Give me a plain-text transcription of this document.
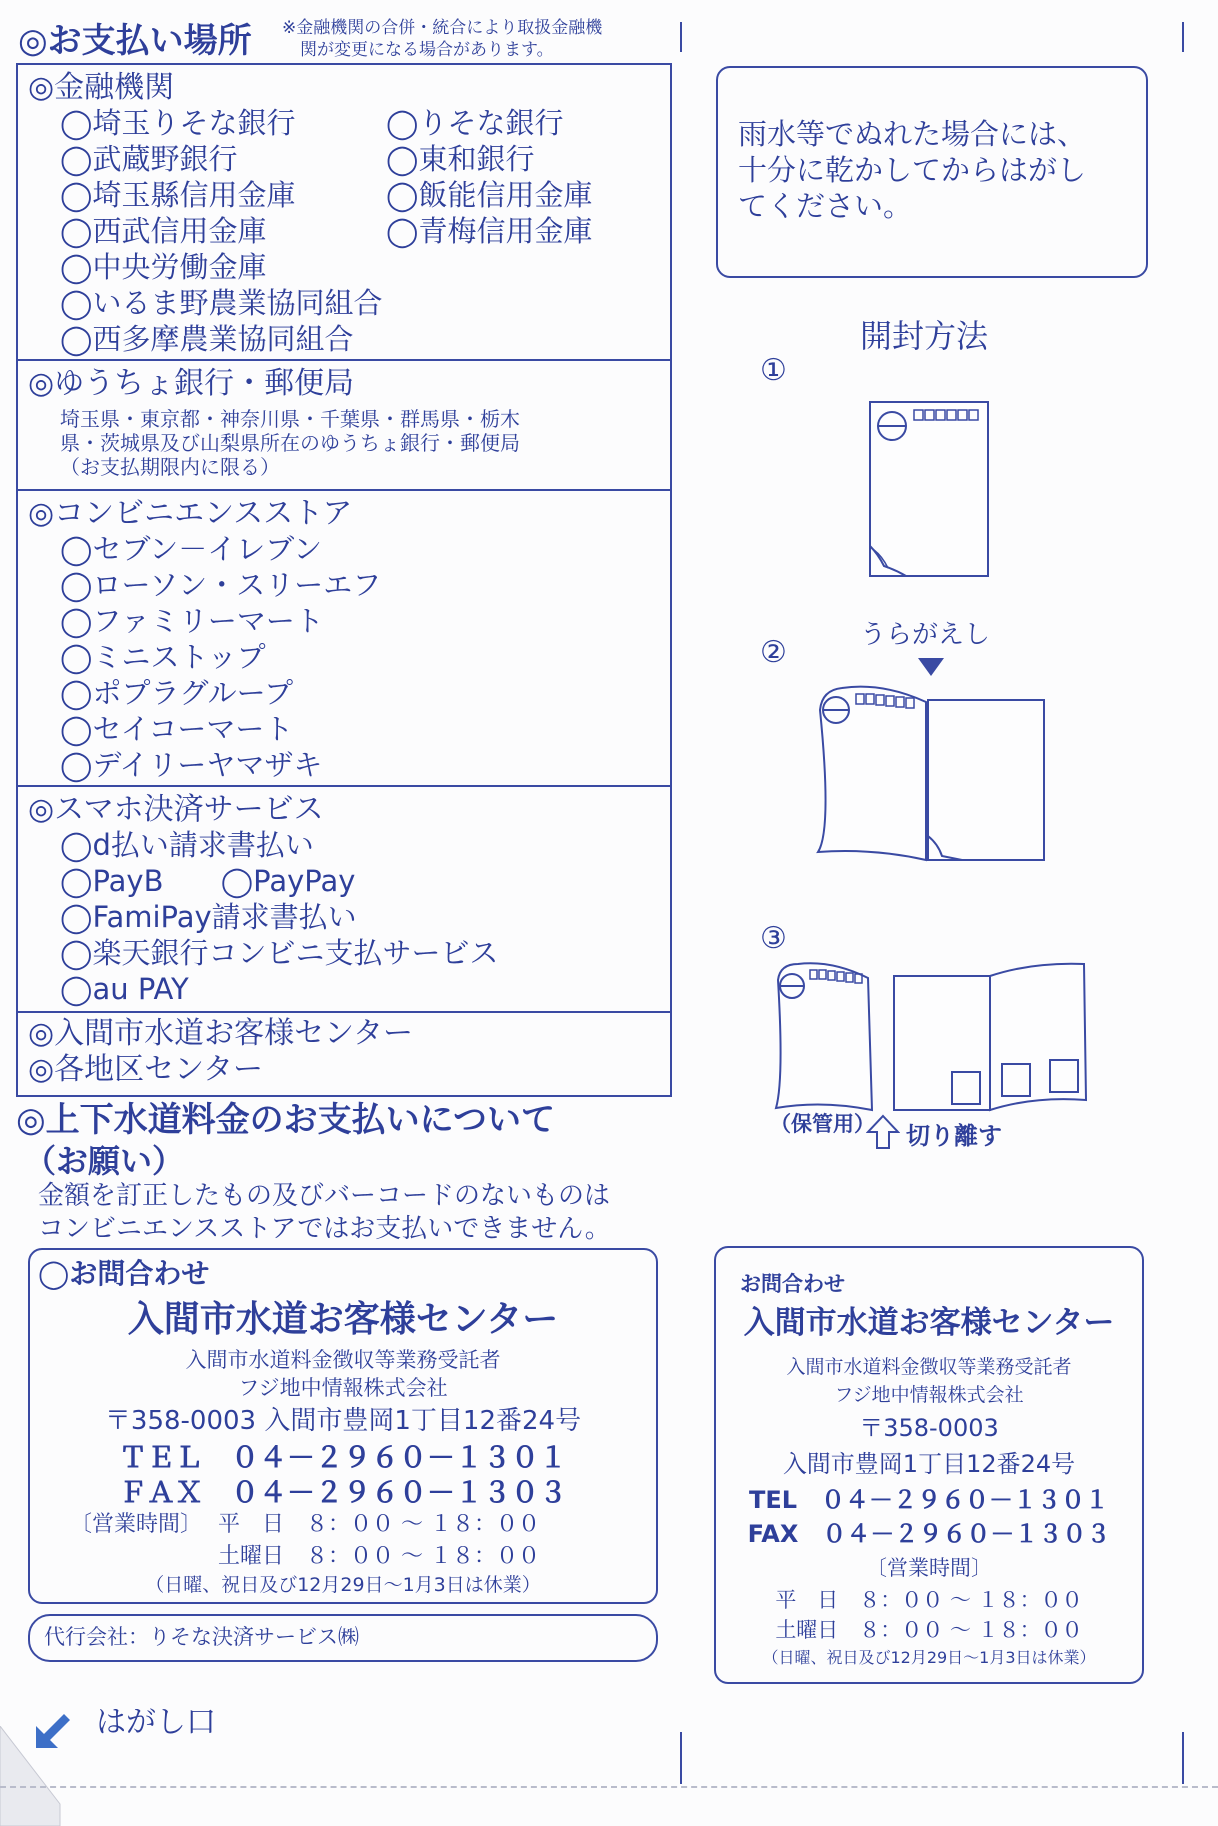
◎お支払い場所 ※金融機関の合併・統合により取扱金融機
関が変更になる場合があります。
◎金融機関
◯埼玉りそな銀行
◯武蔵野銀行
◯埼玉縣信用金庫
◯西武信用金庫
◯中央労働金庫
◯いるま野農業協同組合
◯西多摩農業協同組合
◯りそな銀行
◯東和銀行
◯飯能信用金庫
◯青梅信用金庫
◎ゆうちょ銀行・郵便局
埼玉県・東京都・神奈川県・千葉県・群馬県・栃木
県・茨城県及び山梨県所在のゆうちょ銀行・郵便局
（お支払期限内に限る）
◎コンビニエンスストア
◯セブン－イレブン
◯ローソン・スリーエフ
◯ファミリーマート
◯ミニストップ
◯ポプラグループ
◯セイコーマート
◯デイリーヤマザキ
◎スマホ決済サービス
◯d払い請求書払い
◯PayB ◯PayPay
◯FamiPay請求書払い
◯楽天銀行コンビニ支払サービス
◯au PAY
◎入間市水道お客様センター
◎各地区センター
◎上下水道料金のお支払いについて
（お願い）
金額を訂正したもの及びバーコードのないものは
コンビニエンスストアではお支払いできません。
◯お問合わせ
入間市水道お客様センター
入間市水道料金徴収等業務受託者
フジ地中情報株式会社
〒358-0003 入間市豊岡1丁目12番24号
ＴＥＬ　０４－２９６０－１３０１
ＦＡＸ　０４－２９６０－１３０３
〔営業時間〕 平　日　８：００ ～ １８：００
土曜日　８：００ ～ １８：００
（日曜、祝日及び12月29日～1月3日は休業）
代行会社：りそな決済サービス㈱
はがし口
雨水等でぬれた場合には、
十分に乾かしてからはがし
てください。
開封方法
①
②	うらがえし
③
（保管用） 切り離す
お問合わせ
入間市水道お客様センター
入間市水道料金徴収等業務受託者
フジ地中情報株式会社
〒358-0003
入間市豊岡1丁目12番24号
TEL　０４－２９６０－１３０１
FAX　０４－２９６０－１３０３
〔営業時間〕
平　日　８：００ ～ １８：００
土曜日　８：００ ～ １８：００
（日曜、祝日及び12月29日～1月3日は休業）
